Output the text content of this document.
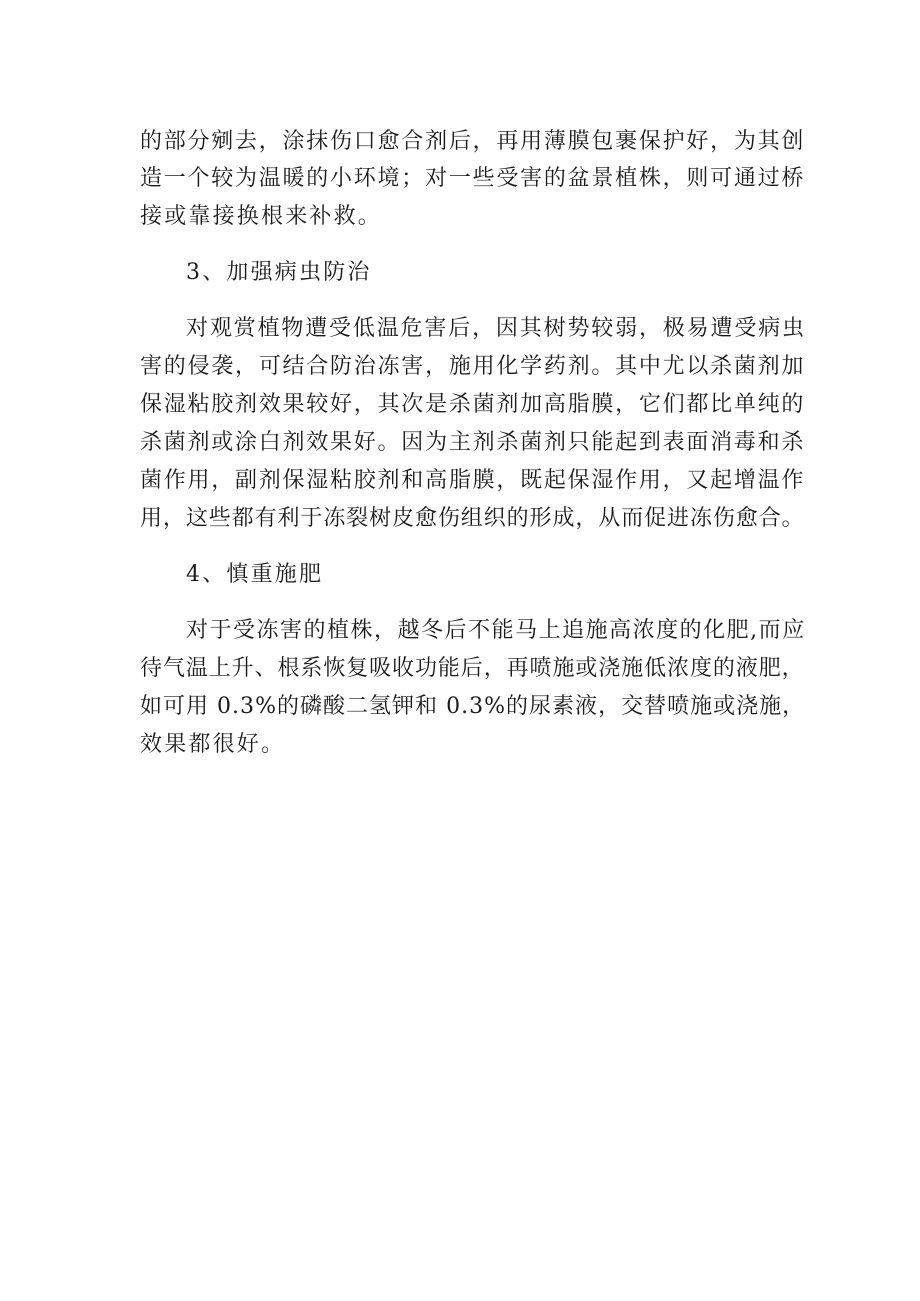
的部分剜去，涂抹伤口愈合剂后，再用薄膜包裹保护好，为其创
造一个较为温暖的小环境；对一些受害的盆景植株，则可通过桥
接或靠接换根来补救。
3、加强病虫防治
对观赏植物遭受低温危害后，因其树势较弱，极易遭受病虫
害的侵袭，可结合防治冻害，施用化学药剂。其中尤以杀菌剂加
保湿粘胶剂效果较好，其次是杀菌剂加高脂膜，它们都比单纯的
杀菌剂或涂白剂效果好。因为主剂杀菌剂只能起到表面消毒和杀
菌作用，副剂保湿粘胶剂和高脂膜，既起保湿作用，又起增温作
用，这些都有利于冻裂树皮愈伤组织的形成，从而促进冻伤愈合。
4、慎重施肥
对于受冻害的植株，越冬后不能马上追施高浓度的化肥,而应
待气温上升、根系恢复吸收功能后，再喷施或浇施低浓度的液肥，
如可用 0.3%的磷酸二氢钾和 0.3%的尿素液，交替喷施或浇施，
效果都很好。
